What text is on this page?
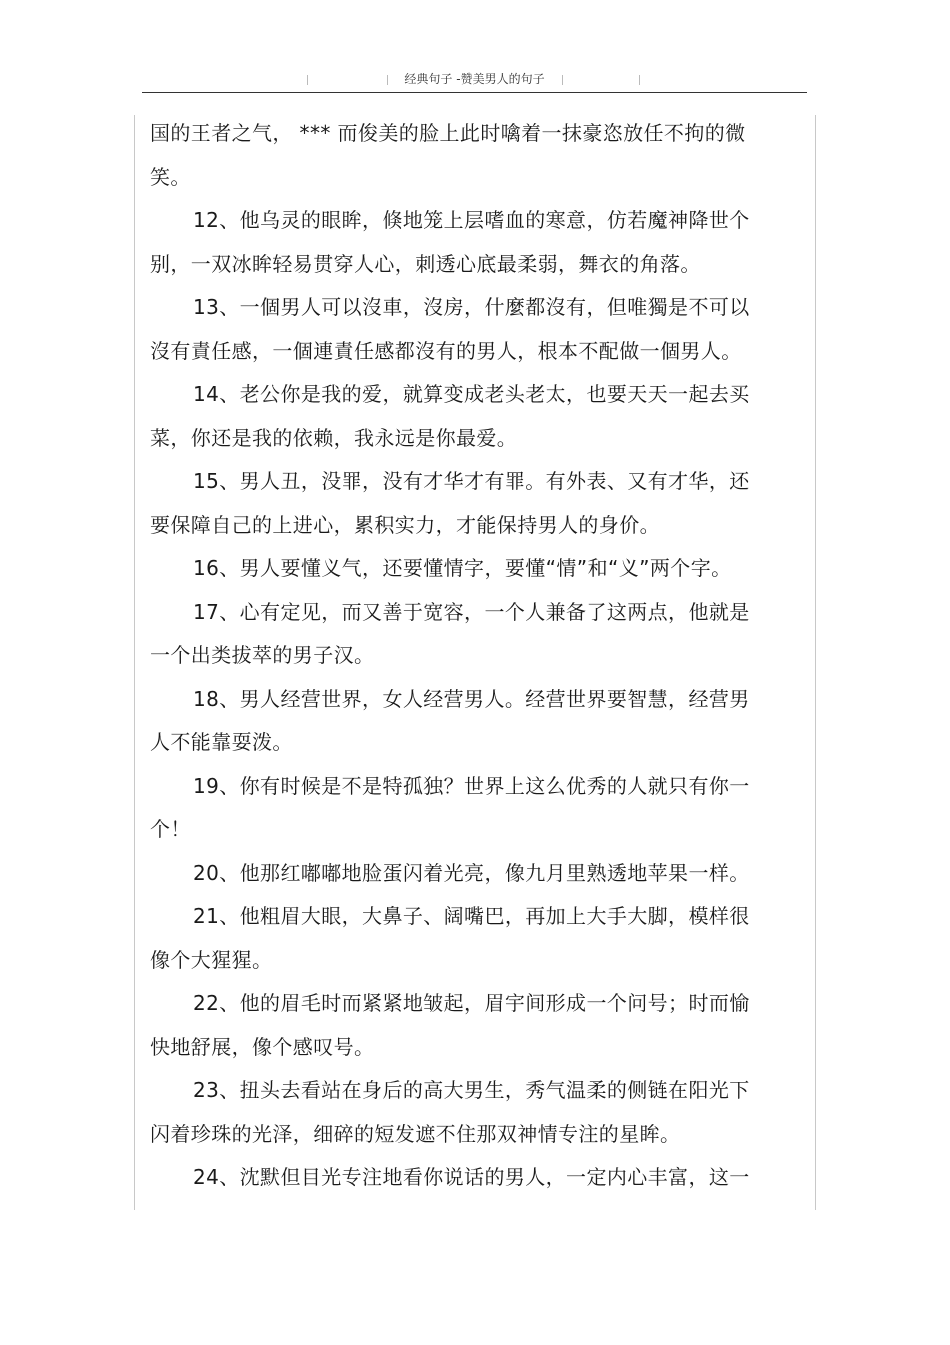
经典句子 -赞美男人的句子
国的王者之气， *** 而俊美的脸上此时噙着一抹豪恣放任不拘的微
笑。
12、他乌灵的眼眸，倏地笼上层嗜血的寒意，仿若魔神降世个
别，一双冰眸轻易贯穿人心，刺透心底最柔弱，舞衣的角落。
13、一個男人可以沒車，沒房，什麼都沒有，但唯獨是不可以
沒有責任感，一個連責任感都沒有的男人，根本不配做一個男人。
14、老公你是我的爱，就算变成老头老太，也要天天一起去买
菜，你还是我的依赖，我永远是你最爱。
15、男人丑，没罪，没有才华才有罪。有外表、又有才华，还
要保障自己的上进心，累积实力，才能保持男人的身价。
16、男人要懂义气，还要懂情字，要懂“情”和“义”两个字。
17、心有定见，而又善于宽容，一个人兼备了这两点，他就是
一个出类拔萃的男子汉。
18、男人经营世界，女人经营男人。经营世界要智慧，经营男
人不能靠耍泼。
19、你有时候是不是特孤独？世界上这么优秀的人就只有你一
个！
20、他那红嘟嘟地脸蛋闪着光亮，像九月里熟透地苹果一样。
21、他粗眉大眼，大鼻子、阔嘴巴，再加上大手大脚，模样很
像个大猩猩。
22、他的眉毛时而紧紧地皱起，眉宇间形成一个问号；时而愉
快地舒展，像个感叹号。
23、扭头去看站在身后的高大男生，秀气温柔的侧链在阳光下
闪着珍珠的光泽，细碎的短发遮不住那双神情专注的星眸。
24、沈默但目光专注地看你说话的男人，一定内心丰富，这一
